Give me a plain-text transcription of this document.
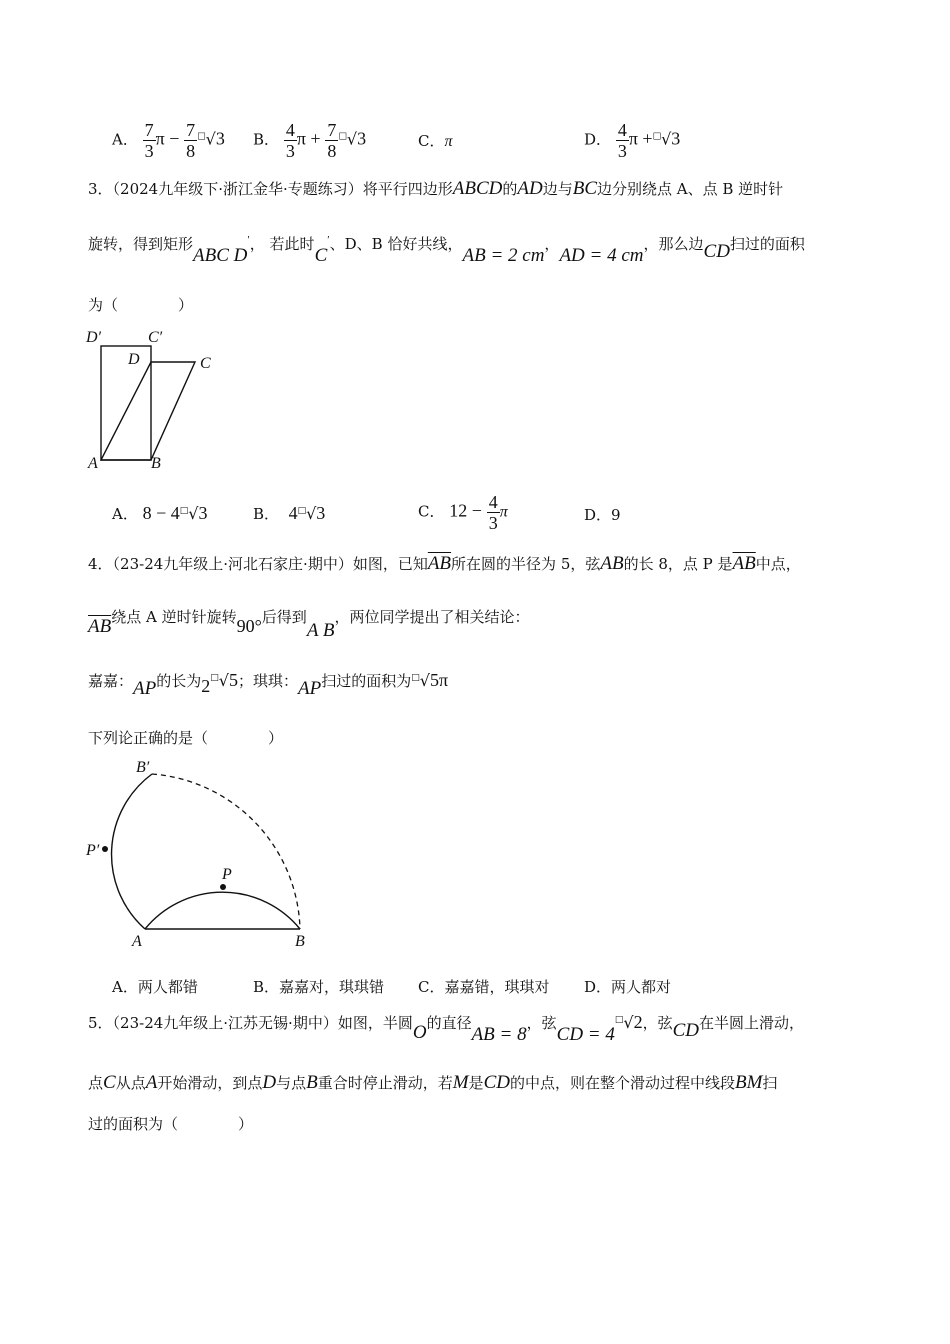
A． $\frac{7}{3}$ $\pi - \frac{7}{8} ^□√3$ B． $\frac{4}{3}$ $\pi + \frac{7}{8} ^□√3$	C．π	D． $\frac{4}{3}$ π +□√3
3．（2024九年级下·浙江金华·专题练习）将平行四边形ABCD的AD边与BC边分别绕点 A、点 B 逆时针
旋转，得到矩形ABC D′， 若此时C′、D、B 恰好共线，AB = 2 cm，AD = 4 cm，那么边CD扫过的面积
为（　　　　）
D′	C′
D	C
A	B
A． 8 − 4□√3	B． 4□√3	C． $12 - \frac{4}{3}$ π	D．9
4．（23-24九年级上·河北石家庄·期中）如图，已知$\overline{AB}$所在圆的半径为 5，弦AB的长 8，点 P 是$\overline{AB}$中点，
$\overline{AB}$绕点 A 逆时针旋转90°后得到A B，两位同学提出了相关结论：
嘉嘉：AP的长为2□√5；琪琪：AP扫过的面积为□√5π
下列论正确的是（　　　　）
B′
P′
P
A	B
A．两人都错	B．嘉嘉对，琪琪错 C．嘉嘉错，琪琪对 D．两人都对
5．（23-24九年级上·江苏无锡·期中）如图，半圆O的直径AB = 8，弦CD = 4□√2，弦CD在半圆上滑动，
点C从点A开始滑动，到点D与点B重合时停止滑动，若M是CD的中点，则在整个滑动过程中线段BM扫
过的面积为（　　　　）
